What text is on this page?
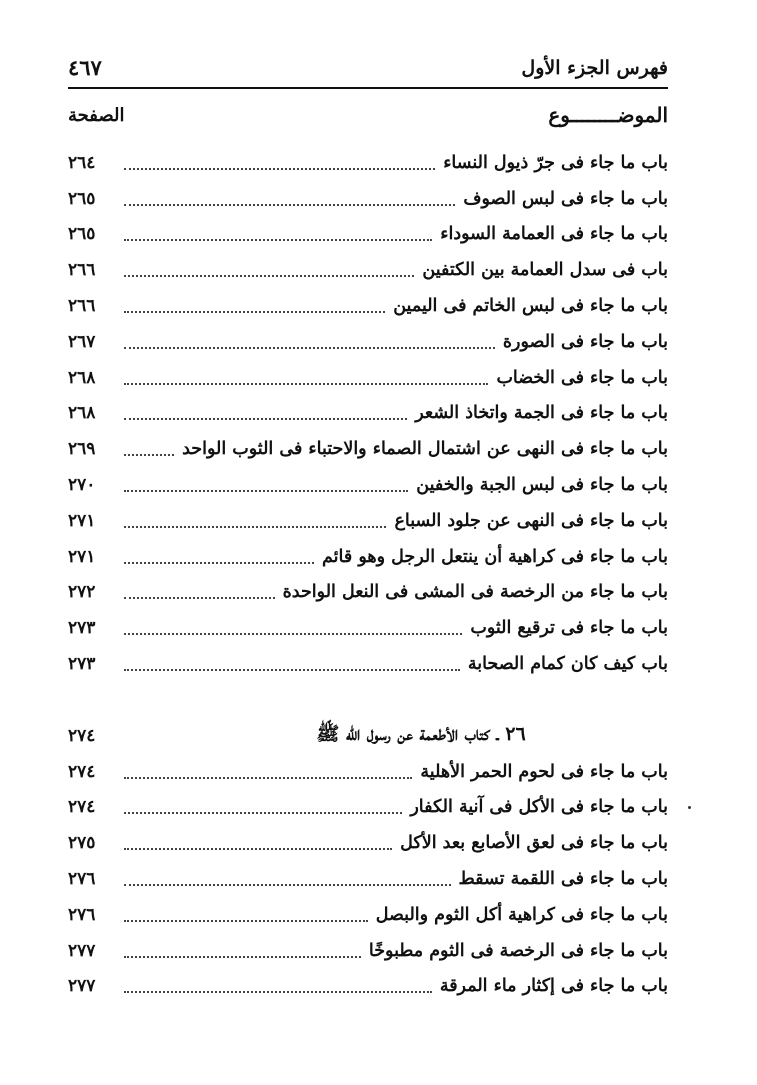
فهرس الجزء الأول
٤٦٧
الموضــــــــوع
الصفحة
باب ما جاء فى جرّ ذيول النساء
٢٦٤
باب ما جاء فى لبس الصوف
٢٦٥
باب ما جاء فى العمامة السوداء
٢٦٥
باب فى سدل العمامة بين الكتفين
٢٦٦
باب ما جاء فى لبس الخاتم فى اليمين
٢٦٦
باب ما جاء فى الصورة
٢٦٧
باب ما جاء فى الخضاب
٢٦٨
باب ما جاء فى الجمة واتخاذ الشعر
٢٦٨
باب ما جاء فى النهى عن اشتمال الصماء والاحتباء فى الثوب الواحد
٢٦٩
باب ما جاء فى لبس الجبة والخفين
٢٧٠
باب ما جاء فى النهى عن جلود السباع
٢٧١
باب ما جاء فى كراهية أن ينتعل الرجل وهو قائم
٢٧١
باب ما جاء من الرخصة فى المشى فى النعل الواحدة
٢٧٢
باب ما جاء فى ترقيع الثوب
٢٧٣
باب كيف كان كمام الصحابة
٢٧٣
٢٦ ـ كتاب الأطعمة عن رسول الله ﷺ
٢٧٤
باب ما جاء فى لحوم الحمر الأهلية
٢٧٤
باب ما جاء فى الأكل فى آنية الكفار
٢٧٤
باب ما جاء فى لعق الأصابع بعد الأكل
٢٧٥
باب ما جاء فى اللقمة تسقط
٢٧٦
باب ما جاء فى كراهية أكل الثوم والبصل
٢٧٦
باب ما جاء فى الرخصة فى الثوم مطبوخًا
٢٧٧
باب ما جاء فى إكثار ماء المرقة
٢٧٧
